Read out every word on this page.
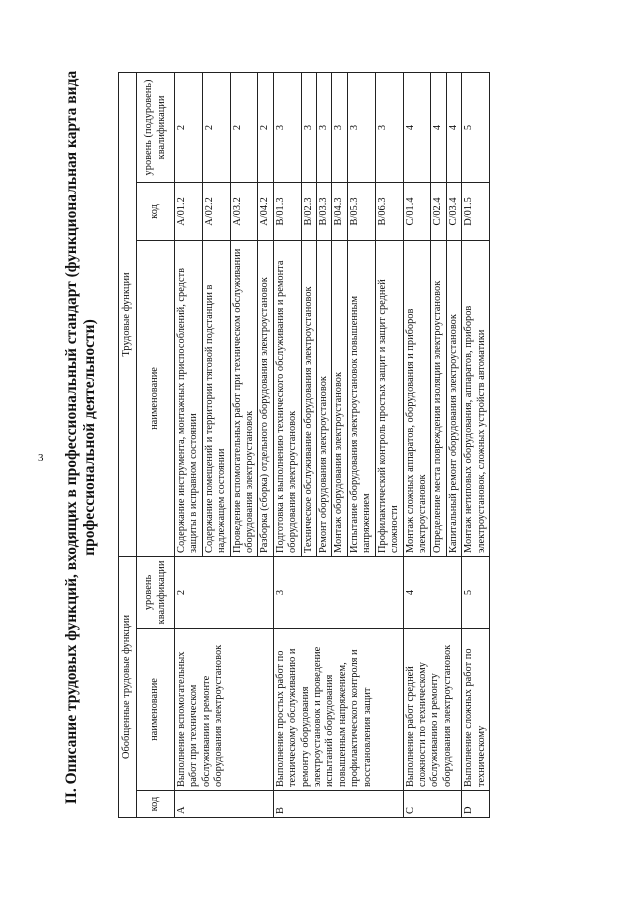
3 II. Описание трудовых функций, входящих в профессиональный стандарт (функциональная карта вида профессиональной деятельности)
Обобщенные трудовые функции			Трудовые функции		
код	наименование	уровень квалификации	наименование	код	уровень (подуровень) квалификации
A	Выполнение вспомогательных работ при техническом обслуживании и ремонте оборудования электроустановок	2	Содержание инструмента, монтажных приспособлений, средств защиты в исправном состоянии	A/01.2	2
			Содержание помещений и территории тяговой подстанции в надлежащем состоянии	A/02.2	2
			Проведение вспомогательных работ при техническом обслуживании оборудования электроустановок	A/03.2	2
			Разборка (сборка) отдельного оборудования электроустановок	A/04.2	2
B	Выполнение простых работ по техническому обслуживанию и ремонту оборудования электроустановок и проведение испытаний оборудования повышенным напряжением, профилактического контроля и восстановления защит	3	Подготовка к выполнению технического обслуживания и ремонта оборудования электроустановок	B/01.3	3
			Техническое обслуживание оборудования электроустановок	B/02.3	3
			Ремонт оборудования электроустановок	B/03.3	3
			Монтаж оборудования электроустановок	B/04.3	3
			Испытание оборудования электроустановок повышенным напряжением	B/05.3	3
			Профилактический контроль простых защит и защит средней сложности	B/06.3	3
C	Выполнение работ средней сложности по техническому обслуживанию и ремонту оборудования электроустановок	4	Монтаж сложных аппаратов, оборудования и приборов электроустановок	C/01.4	4
			Определение места повреждения изоляции электроустановок	C/02.4	4
			Капитальный ремонт оборудования электроустановок	C/03.4	4
D	Выполнение сложных работ по техническому	5	Монтаж нетиповых оборудования, аппаратов, приборов электроустановок, сложных устройств автоматики	D/01.5	5
